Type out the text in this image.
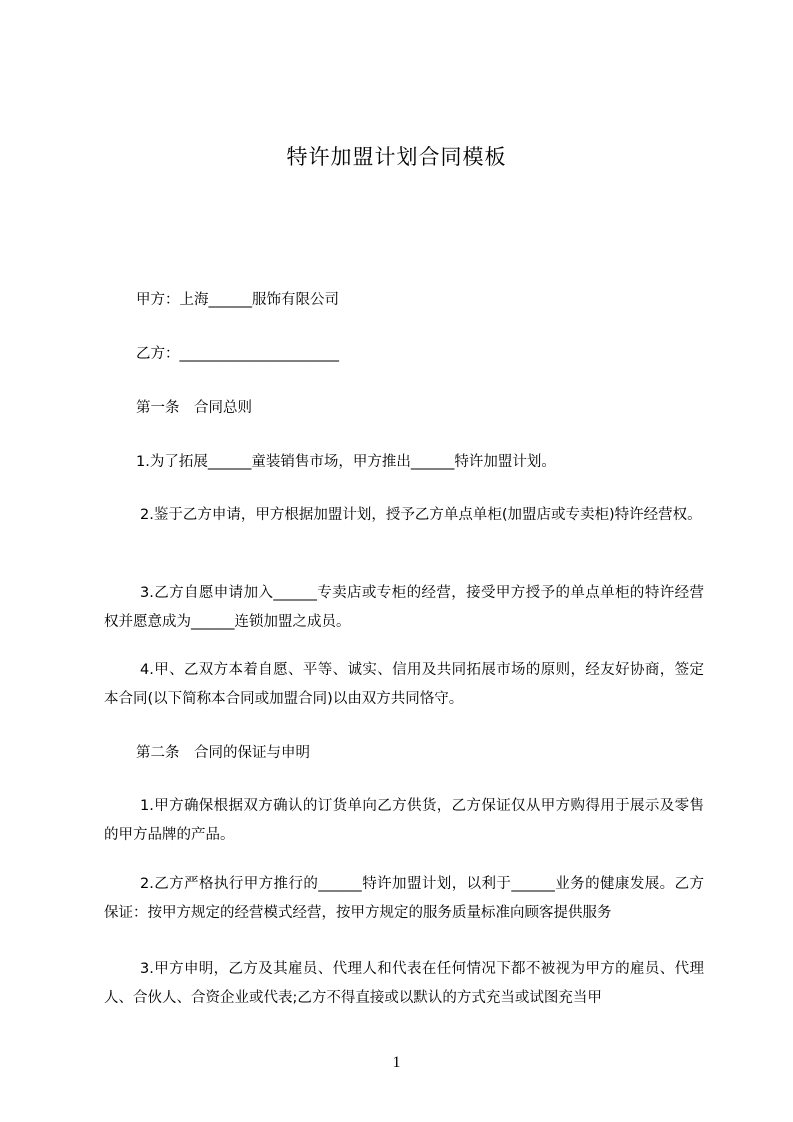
特许加盟计划合同模板
甲方：上海______服饰有限公司
乙方：______________________
第一条　合同总则
1.为了拓展______童装销售市场，甲方推出______特许加盟计划。
2.鉴于乙方申请，甲方根据加盟计划，授予乙方单点单柜(加盟店或专卖柜)特许经营权。
3.乙方自愿申请加入______专卖店或专柜的经营，接受甲方授予的单点单柜的特许经营权并愿意成为______连锁加盟之成员。
4.甲、乙双方本着自愿、平等、诚实、信用及共同拓展市场的原则，经友好协商，签定本合同(以下简称本合同或加盟合同)以由双方共同恪守。
第二条　合同的保证与申明
1.甲方确保根据双方确认的订货单向乙方供货，乙方保证仅从甲方购得用于展示及零售的甲方品牌的产品。
2.乙方严格执行甲方推行的______特许加盟计划，以利于______业务的健康发展。乙方保证：按甲方规定的经营模式经营，按甲方规定的服务质量标准向顾客提供服务
3.甲方申明，乙方及其雇员、代理人和代表在任何情况下都不被视为甲方的雇员、代理人、合伙人、合资企业或代表;乙方不得直接或以默认的方式充当或试图充当甲
1
